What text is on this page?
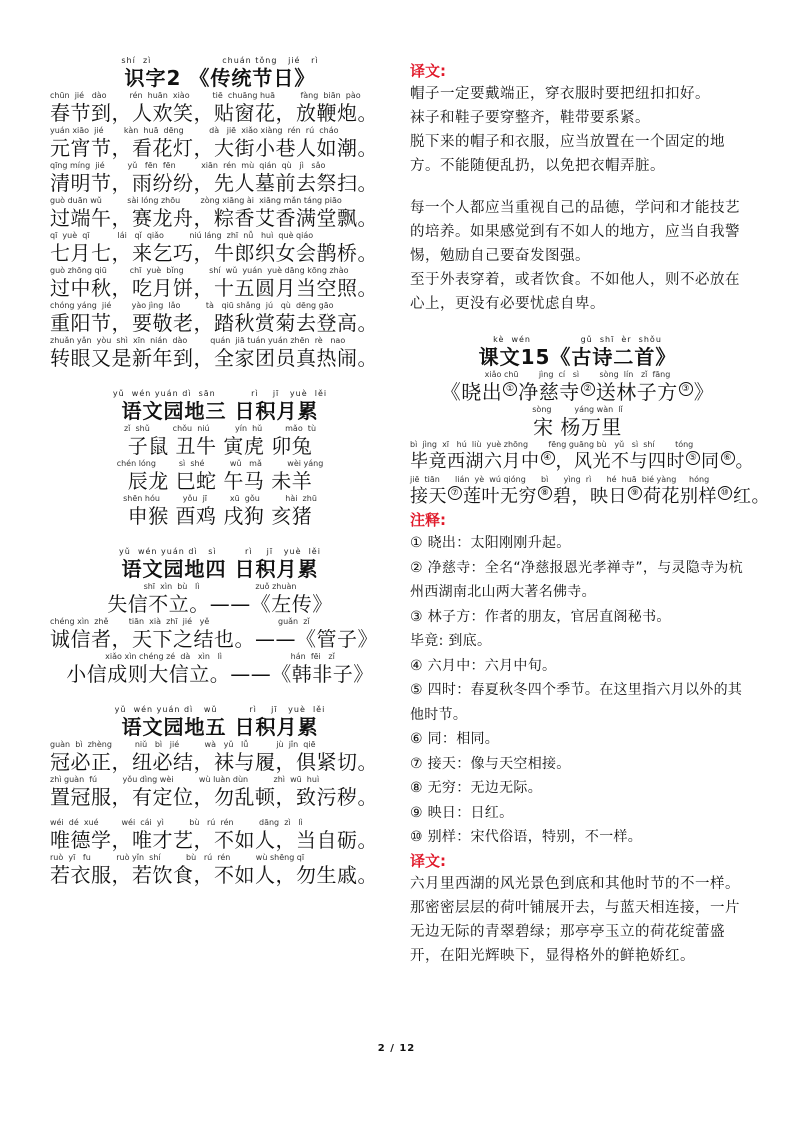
shí  zì                    chuán tǒng   jié   rì
识字2 《传统节日》
chūn  jié   dào         rén  huān  xiào         tiē  chuāng huā          fàng  biān  pào
春节到，人欢笑，贴窗花，放鞭炮。
yuán xiāo  jié        kàn  huā  dēng          dà   jiē  xiǎo xiàng  rén  rú  cháo
元宵节，看花灯，大街小巷人如潮。
qīng míng  jié         yǔ   fēn  fēn          xiān  rén  mù  qián  qù   jì   sǎo
清明节，雨纷纷，先人墓前去祭扫。
guò duān wǔ          sài lóng zhōu        zòng xiāng ài  xiāng mǎn táng piāo
过端午，赛龙舟，粽香艾香满堂飘。
qī  yuè  qī           lái   qǐ  qiǎo          niú láng  zhī  nǚ   huì  què qiáo
七月七，来乞巧，牛郎织女会鹊桥。
guò zhōng qiū         chī  yuè  bǐng          shí  wǔ  yuán  yuè dāng kōng zhào
过中秋，吃月饼，十五圆月当空照。
chóng yáng  jié        yào jìng  lǎo          tà   qiū shǎng  jú   qù  dēng gāo
重阳节，要敬老，踏秋赏菊去登高。
zhuǎn yǎn  yòu  shì  xīn  nián  dào         quán  jiā tuán yuán zhēn  rè   nao
转眼又是新年到，全家团员真热闹。
yǔ  wén yuán dì  sān          rì    jī   yuè  lěi
语文园地三 日积月累
zǐ  shǔ         chǒu  niú          yín  hǔ         mǎo  tù
子鼠 丑牛 寅虎 卯兔
chén lóng         sì  shé          wǔ   mǎ          wèi yáng
辰龙 巳蛇 午马 未羊
shēn hóu         yǒu  jī         xū  gǒu          hài  zhū
申猴 酉鸡 戌狗 亥猪
yǔ  wén yuán dì   sì        rì    jī   yuè  lěi
语文园地四 日积月累
shī  xìn  bù   lì                      zuǒ zhuàn
失信不立。——《左传》
chéng xìn  zhě        tiān  xià  zhī  jié   yě                           guǎn  zǐ
诚信者，天下之结也。——《管子》
xiǎo xìn chéng zé  dà   xìn   lì                           hán  fēi   zǐ
小信成则大信立。——《韩非子》
yǔ  wén yuán dì   wǔ         rì    jī   yuè  lěi
语文园地五 日积月累
guàn  bì  zhèng         niǔ   bì   jié          wà   yǔ   lǚ           jù  jǐn  qiē
冠必正，纽必结，袜与履，俱紧切。
zhì guàn  fú          yǒu dìng wèi          wù luàn dùn          zhì  wū  huì
置冠服，有定位，勿乱顿，致污秽。
wéi  dé  xué         wéi  cái  yì          bù   rú  rén          dāng  zì   lì
唯德学，唯才艺，不如人，当自砺。
ruò  yī   fu          ruò yǐn  shí          bù   rú  rén          wù shēng qī
若衣服，若饮食，不如人，勿生戚。

译文:

帽子一定要戴端正，穿衣服时要把纽扣扣好。

袜子和鞋子要穿整齐，鞋带要系紧。

脱下来的帽子和衣服，应当放置在一个固定的地方。不能随便乱扔，以免把衣帽弄脏。

每一个人都应当重视自己的品德，学问和才能技艺的培养。如果感觉到有不如人的地方，应当自我警惕，勉励自己要奋发图强。

至于外表穿着，或者饮食。不如他人，则不必放在心上，更没有必要忧虑自卑。

kè  wén              gǔ  shī  èr  shǒu
课文15《古诗二首》
xiǎo chū        jìng  cí   sì        sòng  lín   zǐ  fāng
《晓出 ① 净慈寺 ② 送林子方 ③ 》
sòng         yáng wàn  lǐ
宋 杨万里
bì  jìng  xī   hú  liù  yuè zhōng        fēng guāng bù   yǔ   sì  shí        tóng
毕竟西湖六月中 ④ ，风光不与四时 ⑤ 同 ⑥ 。
jiē  tiān      lián  yè  wú qióng      bì      yìng  rì      hé  huā  bié yàng     hóng
接天 ⑦ 莲叶无穷 ⑧ 碧，映日 ⑨ 荷花别样 ⑩ 红。

注释:

① 晓出：太阳刚刚升起。

② 净慈寺：全名“净慈报恩光孝禅寺”，与灵隐寺为杭州西湖南北山两大著名佛寺。

③ 林子方：作者的朋友，官居直阁秘书。

毕竟: 到底。

④ 六月中：六月中旬。

⑤ 四时：春夏秋冬四个季节。在这里指六月以外的其他时节。

⑥ 同：相同。

⑦ 接天：像与天空相接。

⑧ 无穷：无边无际。

⑨ 映日：日红。

⑩ 别样：宋代俗语，特别，不一样。

译文:

六月里西湖的风光景色到底和其他时节的不一样。

那密密层层的荷叶铺展开去，与蓝天相连接，一片无边无际的青翠碧绿；那亭亭玉立的荷花绽蕾盛开，在阳光辉映下，显得格外的鲜艳娇红。

2 / 12
